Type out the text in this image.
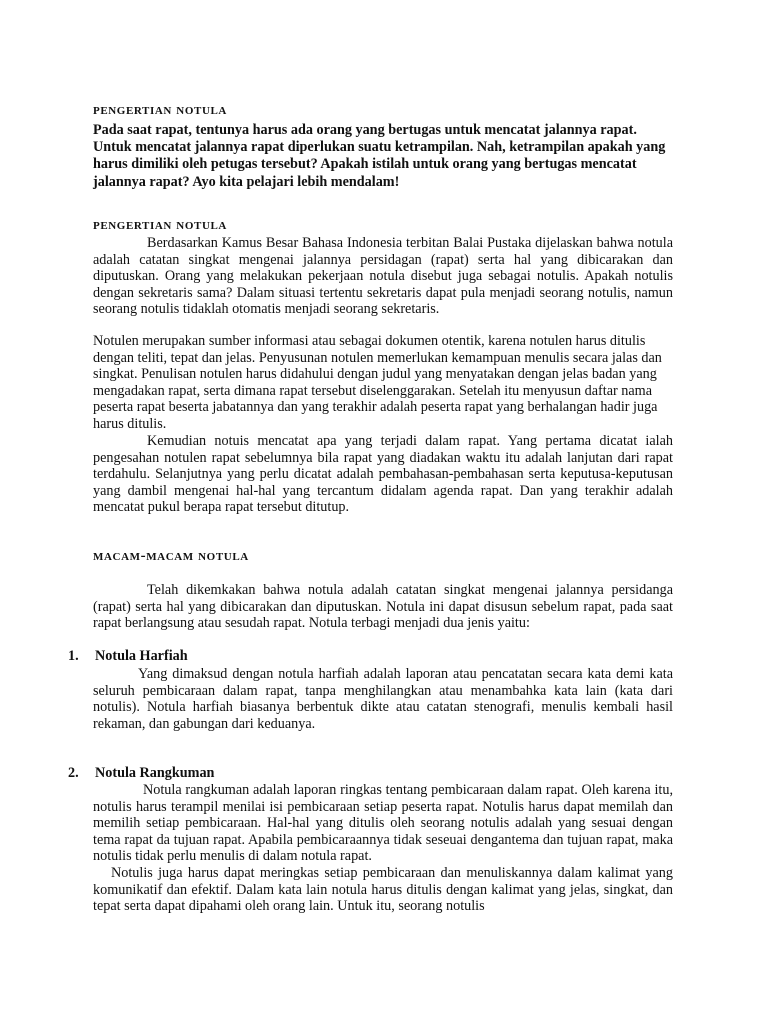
pengertian notula

Pada saat rapat, tentunya harus ada orang yang bertugas untuk mencatat jalannya rapat. Untuk mencatat jalannya rapat diperlukan suatu ketrampilan. Nah, ketrampilan apakah yang harus dimiliki oleh petugas tersebut? Apakah istilah untuk orang yang bertugas mencatat jalannya rapat? Ayo kita pelajari lebih mendalam!

pengertian notula

Berdasarkan Kamus Besar Bahasa Indonesia terbitan Balai Pustaka dijelaskan bahwa notula adalah catatan singkat mengenai jalannya persidagan (rapat) serta hal yang dibicarakan dan diputuskan. Orang yang melakukan pekerjaan notula disebut juga sebagai notulis. Apakah notulis dengan sekretaris sama? Dalam situasi tertentu sekretaris dapat pula menjadi seorang notulis, namun seorang notulis tidaklah otomatis menjadi seorang sekretaris.

Notulen merupakan sumber informasi atau sebagai dokumen otentik, karena notulen harus ditulis dengan teliti, tepat dan jelas. Penyusunan notulen memerlukan kemampuan menulis secara jalas dan singkat. Penulisan notulen harus didahului dengan judul yang menyatakan dengan jelas badan yang mengadakan rapat, serta dimana rapat tersebut diselenggarakan. Setelah itu menyusun daftar nama peserta rapat beserta jabatannya dan yang terakhir adalah peserta rapat yang berhalangan hadir juga harus ditulis.

Kemudian notuis mencatat apa yang terjadi dalam rapat. Yang pertama dicatat ialah pengesahan notulen rapat sebelumnya bila rapat yang diadakan waktu itu adalah lanjutan dari rapat terdahulu. Selanjutnya yang perlu dicatat adalah pembahasan-pembahasan serta keputusa-keputusan yang dambil mengenai hal-hal yang tercantum didalam agenda rapat. Dan yang terakhir adalah mencatat pukul berapa rapat tersebut ditutup.

macam-macam notula

Telah dikemkakan bahwa notula adalah catatan singkat mengenai jalannya persidanga (rapat) serta hal yang dibicarakan dan diputuskan. Notula ini dapat disusun sebelum rapat, pada saat rapat berlangsung atau sesudah rapat. Notula terbagi menjadi dua jenis yaitu:

1. Notula Harfiah

Yang dimaksud dengan notula harfiah adalah laporan atau pencatatan secara kata demi kata seluruh pembicaraan dalam rapat, tanpa menghilangkan atau menambahka kata lain (kata dari notulis). Notula harfiah biasanya berbentuk dikte atau catatan stenografi, menulis kembali hasil rekaman, dan gabungan dari keduanya.

2. Notula Rangkuman

Notula rangkuman adalah laporan ringkas tentang pembicaraan dalam rapat. Oleh karena itu, notulis harus terampil menilai isi pembicaraan setiap peserta rapat. Notulis harus dapat memilah dan memilih setiap pembicaraan. Hal-hal yang ditulis oleh seorang notulis adalah yang sesuai dengan tema rapat da tujuan rapat. Apabila pembicaraannya tidak seseuai dengantema dan tujuan rapat, maka notulis tidak perlu menulis di dalam notula rapat.

Notulis juga harus dapat meringkas setiap pembicaraan dan menuliskannya dalam kalimat yang komunikatif dan efektif. Dalam kata lain notula harus ditulis dengan kalimat yang jelas, singkat, dan tepat serta dapat dipahami oleh orang lain. Untuk itu, seorang notulis
